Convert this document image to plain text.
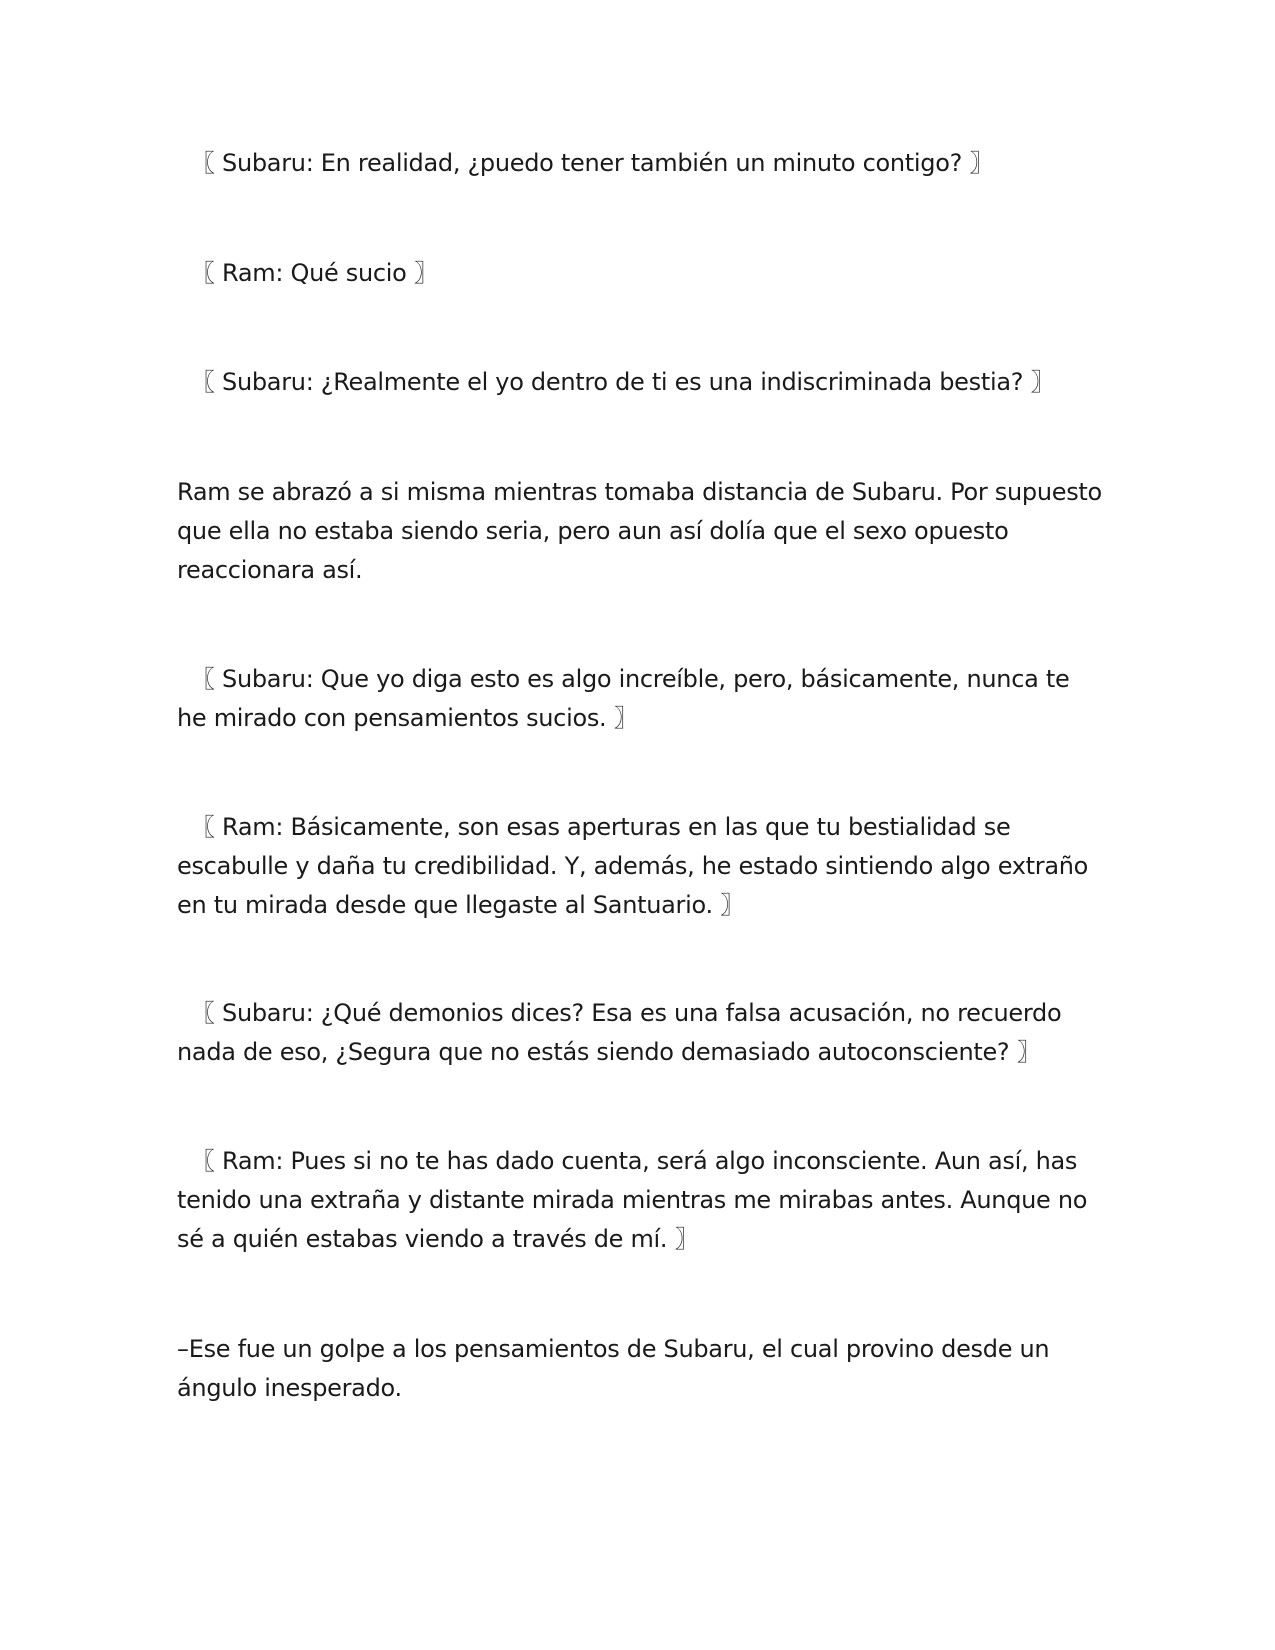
〖 Subaru: En realidad, ¿puedo tener también un minuto contigo? 〗

〖 Ram: Qué sucio 〗

〖 Subaru: ¿Realmente el yo dentro de ti es una indiscriminada bestia? 〗

Ram se abrazó a si misma mientras tomaba distancia de Subaru. Por supuesto que ella no estaba siendo seria, pero aun así dolía que el sexo opuesto reaccionara así.

〖 Subaru: Que yo diga esto es algo increíble, pero, básicamente, nunca te he mirado con pensamientos sucios. 〗

〖 Ram: Básicamente, son esas aperturas en las que tu bestialidad se escabulle y daña tu credibilidad. Y, además, he estado sintiendo algo extraño en tu mirada desde que llegaste al Santuario. 〗

〖 Subaru: ¿Qué demonios dices? Esa es una falsa acusación, no recuerdo nada de eso, ¿Segura que no estás siendo demasiado autoconsciente? 〗

〖 Ram: Pues si no te has dado cuenta, será algo inconsciente. Aun así, has tenido una extraña y distante mirada mientras me mirabas antes. Aunque no sé a quién estabas viendo a través de mí. 〗

–Ese fue un golpe a los pensamientos de Subaru, el cual provino desde un ángulo inesperado.
